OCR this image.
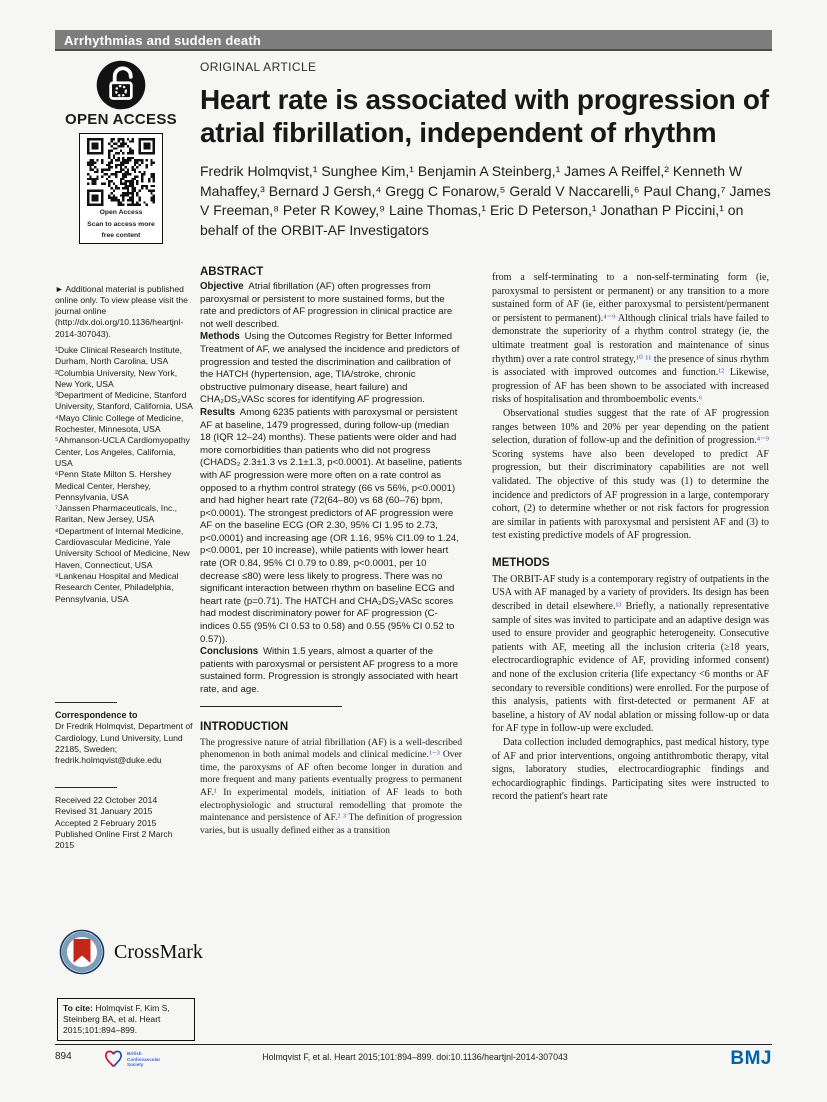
Arrhythmias and sudden death

ORIGINAL ARTICLE

Heart rate is associated with progression of atrial fibrillation, independent of rhythm

Fredrik Holmqvist,¹ Sunghee Kim,¹ Benjamin A Steinberg,¹ James A Reiffel,² Kenneth W Mahaffey,³ Bernard J Gersh,⁴ Gregg C Fonarow,⁵ Gerald V Naccarelli,⁶ Paul Chang,⁷ James V Freeman,⁸ Peter R Kowey,⁹ Laine Thomas,¹ Eric D Peterson,¹ Jonathan P Piccini,¹ on behalf of the ORBIT-AF Investigators

OPEN ACCESS
Open Access
Scan to access more
free content

► Additional material is published online only. To view please visit the journal online (http://dx.doi.org/10.1136/heartjnl-2014-307043).

¹Duke Clinical Research Institute, Durham, North Carolina, USA
²Columbia University, New York, New York, USA
³Department of Medicine, Stanford University, Stanford, California, USA
⁴Mayo Clinic College of Medicine, Rochester, Minnesota, USA
⁵Ahmanson-UCLA Cardiomyopathy Center, Los Angeles, California, USA
⁶Penn State Milton S. Hershey Medical Center, Hershey, Pennsylvania, USA
⁷Janssen Pharmaceuticals, Inc., Raritan, New Jersey, USA
⁸Department of Internal Medicine, Cardiovascular Medicine, Yale University School of Medicine, New Haven, Connecticut, USA
⁹Lankenau Hospital and Medical Research Center, Philadelphia, Pennsylvania, USA
Correspondence to
Dr Fredrik Holmqvist, Department of Cardiology, Lund University, Lund 22185, Sweden; fredrik.holmqvist@duke.edu
Received 22 October 2014
Revised 31 January 2015
Accepted 2 February 2015
Published Online First 2 March 2015
CrossMark
To cite: Holmqvist F, Kim S, Steinberg BA, et al. Heart 2015;101:894–899.
ABSTRACT

Objective  Atrial fibrillation (AF) often progresses from paroxysmal or persistent to more sustained forms, but the rate and predictors of AF progression in clinical practice are not well described.

Methods  Using the Outcomes Registry for Better Informed Treatment of AF, we analysed the incidence and predictors of progression and tested the discrimination and calibration of the HATCH (hypertension, age, TIA/stroke, chronic obstructive pulmonary disease, heart failure) and CHA₂DS₂VASc scores for identifying AF progression.

Results  Among 6235 patients with paroxysmal or persistent AF at baseline, 1479 progressed, during follow-up (median 18 (IQR 12–24) months). These patients were older and had more comorbidities than patients who did not progress (CHADS₂ 2.3±1.3 vs 2.1±1.3, p<0.0001). At baseline, patients with AF progression were more often on a rate control as opposed to a rhythm control strategy (66 vs 56%, p<0.0001) and had higher heart rate (72(64–80) vs 68 (60–76) bpm, p<0.0001). The strongest predictors of AF progression were AF on the baseline ECG (OR 2.30, 95% CI 1.95 to 2.73, p<0.0001) and increasing age (OR 1.16, 95% CI1.09 to 1.24, p<0.0001, per 10 increase), while patients with lower heart rate (OR 0.84, 95% CI 0.79 to 0.89, p<0.0001, per 10 decrease ≤80) were less likely to progress. There was no significant interaction between rhythm on baseline ECG and heart rate (p=0.71). The HATCH and CHA₂DS₂VASc scores had modest discriminatory power for AF progression (C-indices 0.55 (95% CI 0.53 to 0.58) and 0.55 (95% CI 0.52 to 0.57)).

Conclusions  Within 1.5 years, almost a quarter of the patients with paroxysmal or persistent AF progress to a more sustained form. Progression is strongly associated with heart rate, and age.

INTRODUCTION

The progressive nature of atrial fibrillation (AF) is a well-described phenomenon in both animal models and clinical medicine.¹⁻³ Over time, the paroxysms of AF often become longer in duration and more frequent and many patients eventually progress to permanent AF.¹ In experimental models, initiation of AF leads to both electrophysiologic and structural remodelling that promote the maintenance and persistence of AF.² ³ The definition of progression varies, but is usually defined either as a transition

from a self-terminating to a non-self-terminating form (ie, paroxysmal to persistent or permanent) or any transition to a more sustained form of AF (ie, either paroxysmal to persistent/permanent or persistent to permanent).⁴⁻⁹ Although clinical trials have failed to demonstrate the superiority of a rhythm control strategy (ie, the ultimate treatment goal is restoration and maintenance of sinus rhythm) over a rate control strategy,¹⁰ ¹¹ the presence of sinus rhythm is associated with improved outcomes and function.¹² Likewise, progression of AF has been shown to be associated with increased risks of hospitalisation and thromboembolic events.⁶

Observational studies suggest that the rate of AF progression ranges between 10% and 20% per year depending on the patient selection, duration of follow-up and the definition of progression.⁴⁻⁹ Scoring systems have also been developed to predict AF progression, but their discriminatory capabilities are not well validated. The objective of this study was (1) to determine the incidence and predictors of AF progression in a large, contemporary cohort, (2) to determine whether or not risk factors for progression are similar in patients with paroxysmal and persistent AF and (3) to test existing predictive models of AF progression.

METHODS

The ORBIT-AF study is a contemporary registry of outpatients in the USA with AF managed by a variety of providers. Its design has been described in detail elsewhere.¹³ Briefly, a nationally representative sample of sites was invited to participate and an adaptive design was used to ensure provider and geographic heterogeneity. Consecutive patients with AF, meeting all the inclusion criteria (≥18 years, electrocardiographic evidence of AF, providing informed consent) and none of the exclusion criteria (life expectancy <6 months or AF secondary to reversible conditions) were enrolled. For the purpose of this analysis, patients with first-detected or permanent AF at baseline, a history of AV nodal ablation or missing follow-up or data for AF type in follow-up were excluded.

Data collection included demographics, past medical history, type of AF and prior interventions, ongoing antithrombotic therapy, vital signs, laboratory studies, electrocardiographic findings and echocardiographic findings. Participating sites were instructed to record the patient's heart rate

894	British
Cardiovascular
Society
Holmqvist F, et al. Heart 2015;101:894–899. doi:10.1136/heartjnl-2014-307043	BMJ
